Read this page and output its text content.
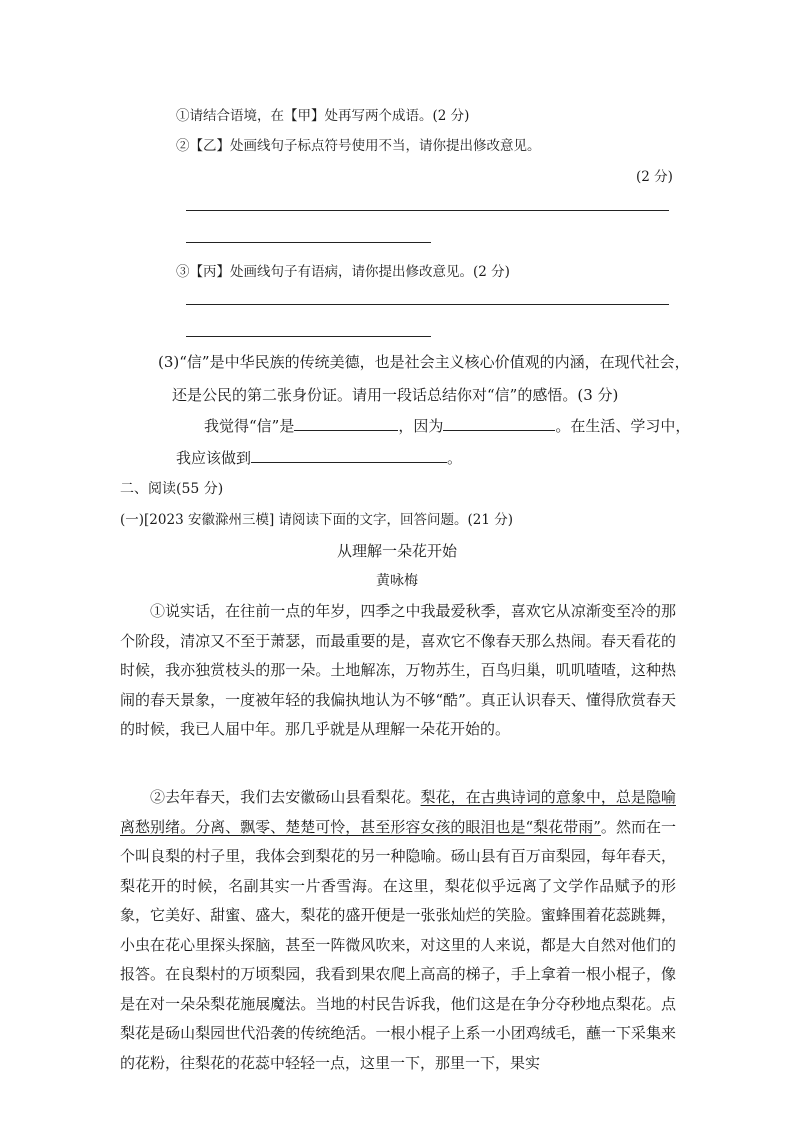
①请结合语境，在【甲】处再写两个成语。(2 分)
②【乙】处画线句子标点符号使用不当，请你提出修改意见。
(2 分)
③【丙】处画线句子有语病，请你提出修改意见。(2 分)
(3)“信”是中华民族的传统美德，也是社会主义核心价值观的内涵，在现代社会，
还是公民的第二张身份证。请用一段话总结你对“信”的感悟。(3 分)
我觉得“信”是	，因为	。在生活、学习中，
我应该做到	。
二、阅读(55 分)
(一)[2023 安徽滁州三模] 请阅读下面的文字，回答问题。(21 分)
从理解一朵花开始
黄咏梅
①说实话，在往前一点的年岁，四季之中我最爱秋季，喜欢它从凉渐变至冷的那个阶段，清凉又不至于萧瑟，而最重要的是，喜欢它不像春天那么热闹。春天看花的时候，我亦独赏枝头的那一朵。土地解冻，万物苏生，百鸟归巢，叽叽喳喳，这种热闹的春天景象，一度被年轻的我偏执地认为不够“酷”。真正认识春天、懂得欣赏春天的时候，我已人届中年。那几乎就是从理解一朵花开始的。
②去年春天，我们去安徽砀山县看梨花。梨花，在古典诗词的意象中，总是隐喻离愁别绪。分离、飘零、楚楚可怜，甚至形容女孩的眼泪也是“梨花带雨”。然而在一个叫良梨的村子里，我体会到梨花的另一种隐喻。砀山县有百万亩梨园，每年春天，梨花开的时候，名副其实一片香雪海。在这里，梨花似乎远离了文学作品赋予的形象，它美好、甜蜜、盛大，梨花的盛开便是一张张灿烂的笑脸。蜜蜂围着花蕊跳舞，小虫在花心里探头探脑，甚至一阵微风吹来，对这里的人来说，都是大自然对他们的报答。在良梨村的万顷梨园，我看到果农爬上高高的梯子，手上拿着一根小棍子，像是在对一朵朵梨花施展魔法。当地的村民告诉我，他们这是在争分夺秒地点梨花。点梨花是砀山梨园世代沿袭的传统绝活。一根小棍子上系一小团鸡绒毛，蘸一下采集来的花粉，往梨花的花蕊中轻轻一点，这里一下，那里一下，果实
